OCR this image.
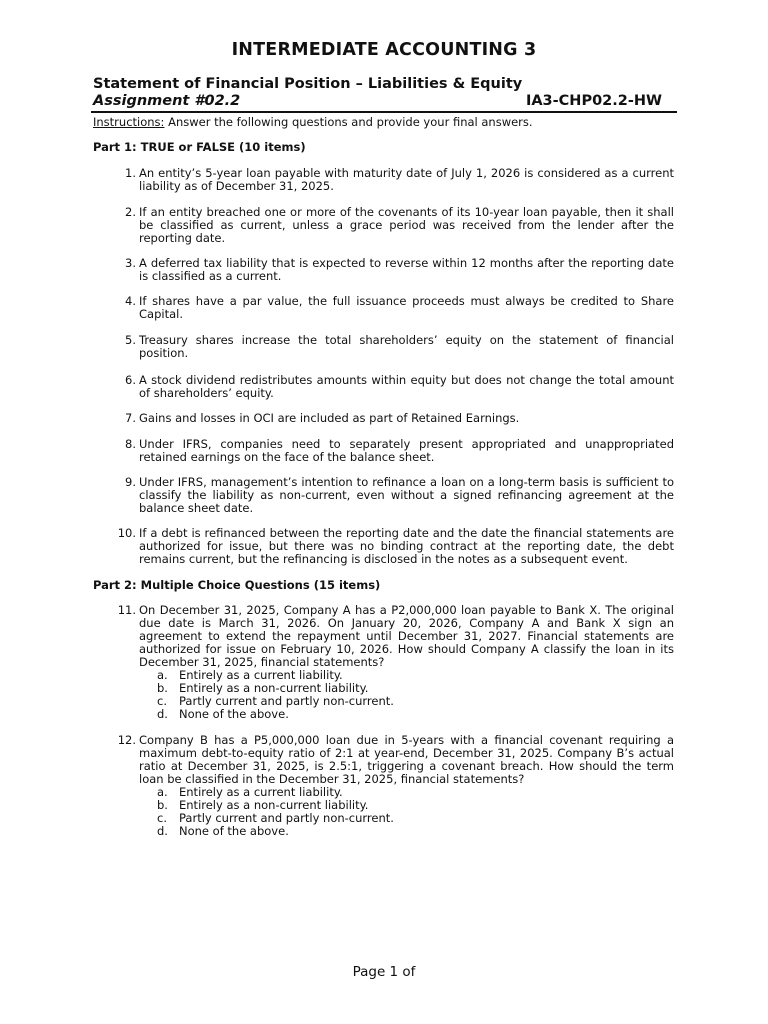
INTERMEDIATE ACCOUNTING 3
Statement of Financial Position – Liabilities & Equity
Assignment #02.2	IA3-CHP02.2-HW
Instructions: Answer the following questions and provide your final answers.
Part 1: TRUE or FALSE (10 items)
1. An entity’s 5-year loan payable with maturity date of July 1, 2026 is considered as a current liability as of December 31, 2025.
2. If an entity breached one or more of the covenants of its 10-year loan payable, then it shall be classified as current, unless a grace period was received from the lender after the reporting date.
3. A deferred tax liability that is expected to reverse within 12 months after the reporting date is classified as a current.
4. If shares have a par value, the full issuance proceeds must always be credited to Share Capital.
5. Treasury shares increase the total shareholders’ equity on the statement of financial position.
6. A stock dividend redistributes amounts within equity but does not change the total amount of shareholders’ equity.
7. Gains and losses in OCI are included as part of Retained Earnings.
8. Under IFRS, companies need to separately present appropriated and unappropriated retained earnings on the face of the balance sheet.
9. Under IFRS, management’s intention to refinance a loan on a long-term basis is sufficient to classify the liability as non-current, even without a signed refinancing agreement at the balance sheet date.
10. If a debt is refinanced between the reporting date and the date the financial statements are authorized for issue, but there was no binding contract at the reporting date, the debt remains current, but the refinancing is disclosed in the notes as a subsequent event.
Part 2: Multiple Choice Questions (15 items)
11. On December 31, 2025, Company A has a P2,000,000 loan payable to Bank X. The original due date is March 31, 2026. On January 20, 2026, Company A and Bank X sign an agreement to extend the repayment until December 31, 2027. Financial statements are authorized for issue on February 10, 2026. How should Company A classify the loan in its December 31, 2025, financial statements?
a. Entirely as a current liability.
b. Entirely as a non-current liability.
c. Partly current and partly non-current.
d. None of the above.
12. Company B has a P5,000,000 loan due in 5-years with a financial covenant requiring a maximum debt-to-equity ratio of 2:1 at year-end, December 31, 2025. Company B’s actual ratio at December 31, 2025, is 2.5:1, triggering a covenant breach. How should the term loan be classified in the December 31, 2025, financial statements?
a. Entirely as a current liability.
b. Entirely as a non-current liability.
c. Partly current and partly non-current.
d. None of the above.
Page 1 of
